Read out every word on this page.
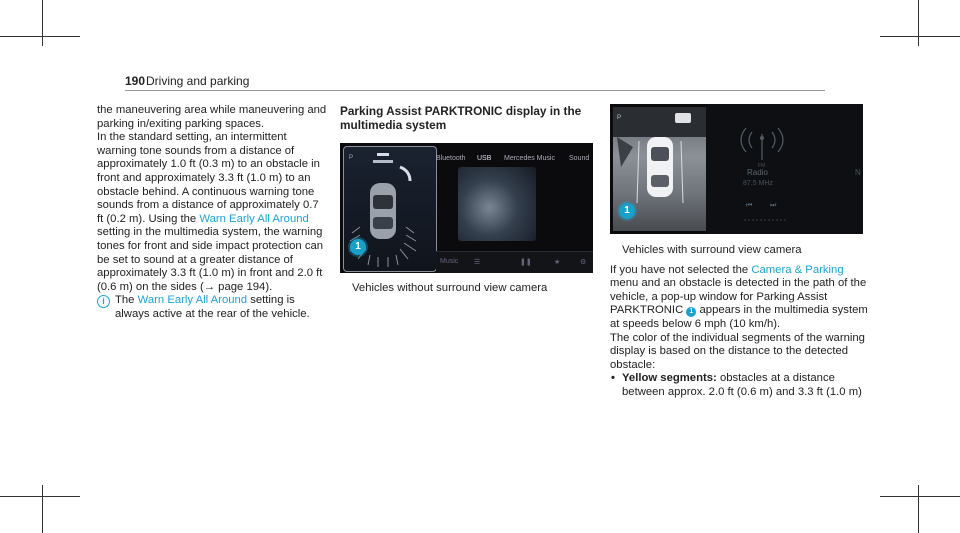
190 Driving and parking

the maneuvering area while maneuvering and parking in/exiting parking spaces.

In the standard setting, an intermittent warning tone sounds from a distance of approximately 1.0 ft (0.3 m) to an obstacle in front and approximately 3.3 ft (1.0 m) to an obstacle behind. A continuous warning tone sounds from a distance of approximately 0.7 ft (0.2 m). Using the Warn Early All Around setting in the multimedia system, the warning tones for front and side impact protection can be set to sound at a greater distance of approximately 3.3 ft (1.0 m) in front and 2.0 ft (0.6 m) on the sides (→ page 194).

i The Warn Early All Around setting is always active at the rear of the vehicle.
Parking Assist PARKTRONIC display in the multimedia system
P
1
Bluetooth USB Mercedes Music Sound
Music ☰	❚❚	★	⚙
Vehicles without surround view camera
P
1
FM
⏮	⏭
Radio
87.5 MHz
N

Vehicles with surround view camera

If you have not selected the Camera & Parking menu and an obstacle is detected in the path of the vehicle, a pop-up window for Parking Assist PARKTRONIC 1 appears in the multimedia system at speeds below 6 mph (10 km/h).

The color of the individual segments of the warning display is based on the distance to the detected obstacle:

• Yellow segments: obstacles at a distance between approx. 2.0 ft (0.6 m) and 3.3 ft (1.0 m)
